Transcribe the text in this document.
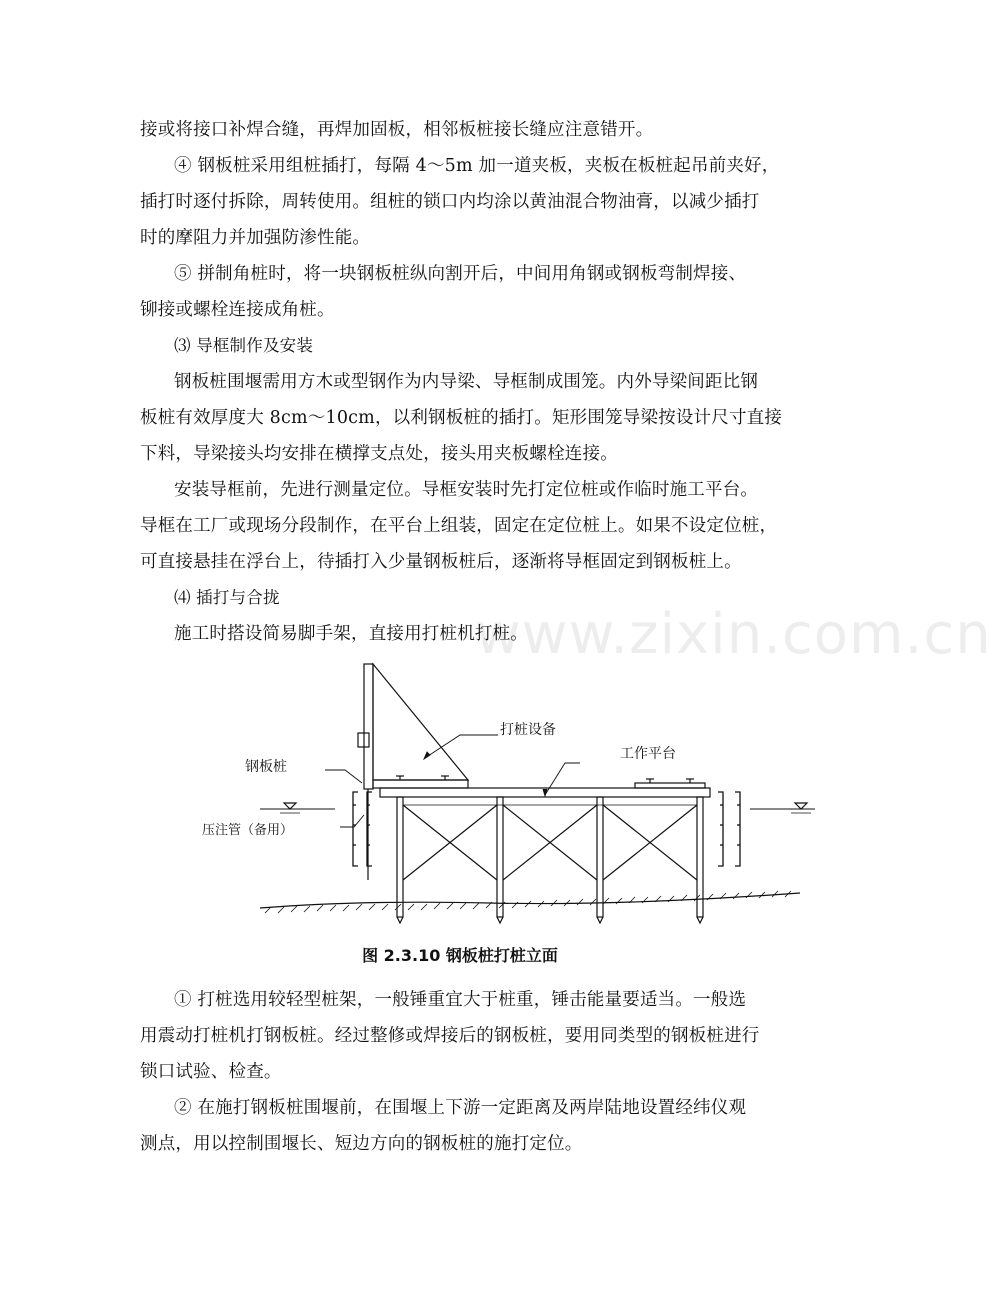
www.zixin.com.cn
接或将接口补焊合缝，再焊加固板，相邻板桩接长缝应注意错开。
④ 钢板桩采用组桩插打，每隔 4～5m 加一道夹板，夹板在板桩起吊前夹好，
插打时逐付拆除，周转使用。组桩的锁口内均涂以黄油混合物油膏，以减少插打
时的摩阻力并加强防渗性能。
⑤ 拼制角桩时，将一块钢板桩纵向割开后，中间用角钢或钢板弯制焊接、
铆接或螺栓连接成角桩。
⑶ 导框制作及安装
钢板桩围堰需用方木或型钢作为内导梁、导框制成围笼。内外导梁间距比钢
板桩有效厚度大 8cm～10cm，以利钢板桩的插打。矩形围笼导梁按设计尺寸直接
下料，导梁接头均安排在横撑支点处，接头用夹板螺栓连接。
安装导框前，先进行测量定位。导框安装时先打定位桩或作临时施工平台。
导框在工厂或现场分段制作，在平台上组装，固定在定位桩上。如果不设定位桩，
可直接悬挂在浮台上，待插打入少量钢板桩后，逐渐将导框固定到钢板桩上。
⑷ 插打与合拢
施工时搭设简易脚手架，直接用打桩机打桩。
打桩设备
工作平台
钢板桩
压注管（备用）
图 2.3.10 钢板桩打桩立面
① 打桩选用较轻型桩架，一般锤重宜大于桩重，锤击能量要适当。一般选
用震动打桩机打钢板桩。经过整修或焊接后的钢板桩，要用同类型的钢板桩进行
锁口试验、检查。
② 在施打钢板桩围堰前，在围堰上下游一定距离及两岸陆地设置经纬仪观
测点，用以控制围堰长、短边方向的钢板桩的施打定位。
